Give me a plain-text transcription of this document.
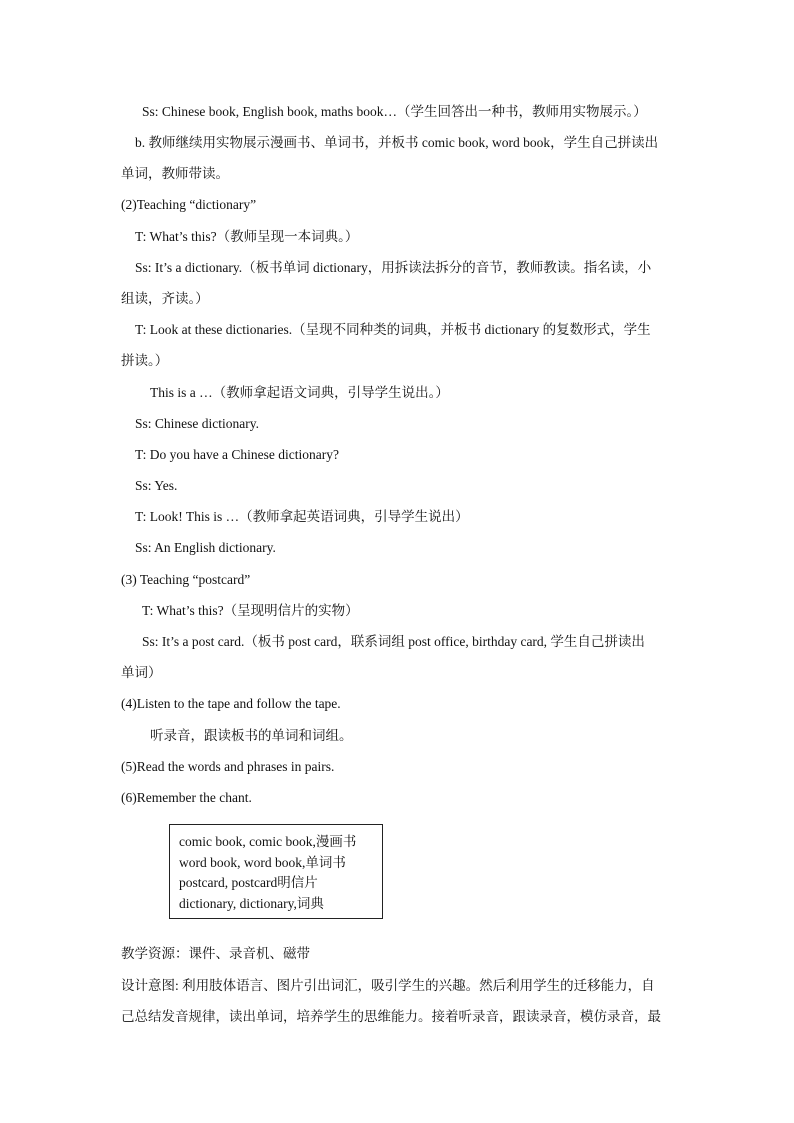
Ss: Chinese book, English book, maths book…（学生回答出一种书，教师用实物展示。）
b. 教师继续用实物展示漫画书、单词书，并板书 comic book, word book，学生自己拼读出
单词，教师带读。
(2)Teaching “dictionary”
T: What’s this?（教师呈现一本词典。）
Ss: It’s a dictionary.（板书单词 dictionary，用拆读法拆分的音节，教师教读。指名读，小
组读，齐读。）
T: Look at these dictionaries.（呈现不同种类的词典，并板书 dictionary 的复数形式，学生
拼读。）
This is a …（教师拿起语文词典，引导学生说出。）
Ss: Chinese dictionary.
T: Do you have a Chinese dictionary?
Ss: Yes.
T: Look! This is …（教师拿起英语词典，引导学生说出）
Ss: An English dictionary.
(3) Teaching “postcard”
T: What’s this?（呈现明信片的实物）
Ss: It’s a post card.（板书 post card，联系词组 post office, birthday card, 学生自己拼读出
单词）
(4)Listen to the tape and follow the tape.
听录音，跟读板书的单词和词组。
(5)Read the words and phrases in pairs.
(6)Remember the chant.
comic book, comic book,漫画书
word book, word book,单词书
postcard, postcard明信片
dictionary, dictionary,词典
教学资源：课件、录音机、磁带
设计意图: 利用肢体语言、图片引出词汇，吸引学生的兴趣。然后利用学生的迁移能力，自
己总结发音规律，读出单词，培养学生的思维能力。接着听录音，跟读录音，模仿录音，最
